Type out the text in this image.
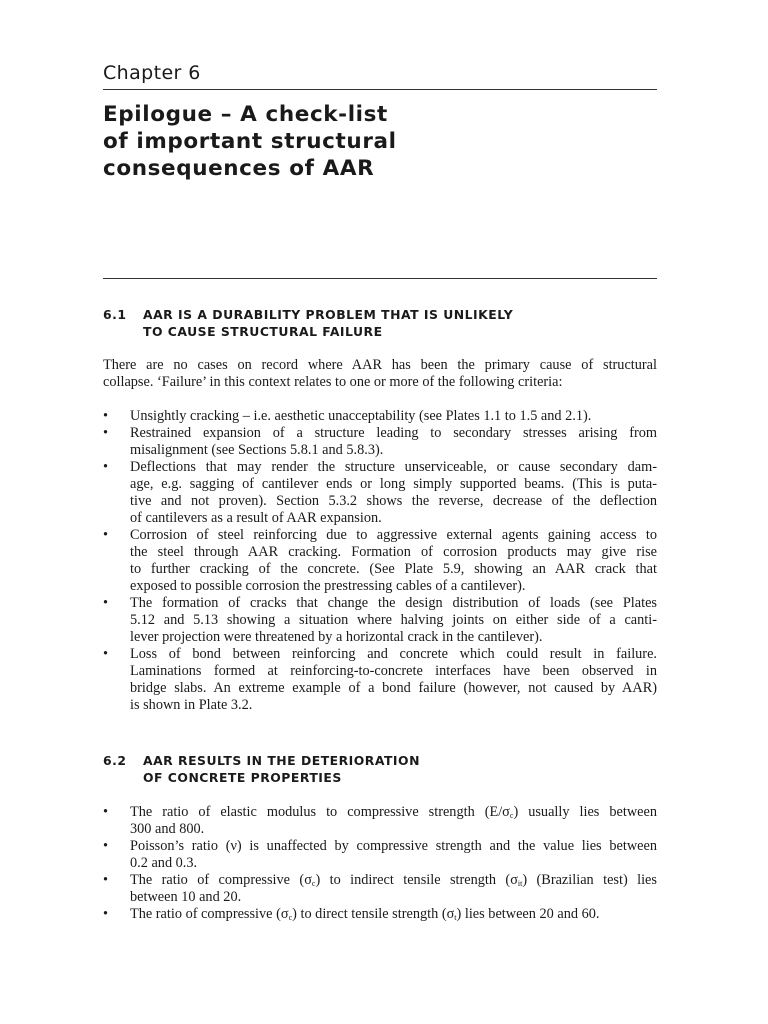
Chapter 6
Epilogue – A check-list
of important structural
consequences of AAR
6.1 AAR IS A DURABILITY PROBLEM THAT IS UNLIKELY
TO CAUSE STRUCTURAL FAILURE
There are no cases on record where AAR has been the primary cause of structural
collapse. ‘Failure’ in this context relates to one or more of the following criteria:
• Unsightly cracking – i.e. aesthetic unacceptability (see Plates 1.1 to 1.5 and 2.1).
• Restrained expansion of a structure leading to secondary stresses arising from
misalignment (see Sections 5.8.1 and 5.8.3).
• Deflections that may render the structure unserviceable, or cause secondary dam-
age, e.g. sagging of cantilever ends or long simply supported beams. (This is puta-
tive and not proven). Section 5.3.2 shows the reverse, decrease of the deflection
of cantilevers as a result of AAR expansion.
• Corrosion of steel reinforcing due to aggressive external agents gaining access to
the steel through AAR cracking. Formation of corrosion products may give rise
to further cracking of the concrete. (See Plate 5.9, showing an AAR crack that
exposed to possible corrosion the prestressing cables of a cantilever).
• The formation of cracks that change the design distribution of loads (see Plates
5.12 and 5.13 showing a situation where halving joints on either side of a canti-
lever projection were threatened by a horizontal crack in the cantilever).
• Loss of bond between reinforcing and concrete which could result in failure.
Laminations formed at reinforcing-to-concrete interfaces have been observed in
bridge slabs. An extreme example of a bond failure (however, not caused by AAR)
is shown in Plate 3.2.
6.2 AAR RESULTS IN THE DETERIORATION
OF CONCRETE PROPERTIES
• The ratio of elastic modulus to compressive strength $(E/\sigma_c)$ usually lies between
300 and 800.
• Poisson’s ratio (ν) is unaffected by compressive strength and the value lies between
0.2 and 0.3.
• The ratio of compressive $(\sigma_c)$ to indirect tensile strength $(\sigma_{it})$ (Brazilian test) lies
between 10 and 20.
• The ratio of compressive $(\sigma_c)$ to direct tensile strength $(\sigma_t)$ lies between 20 and 60.
